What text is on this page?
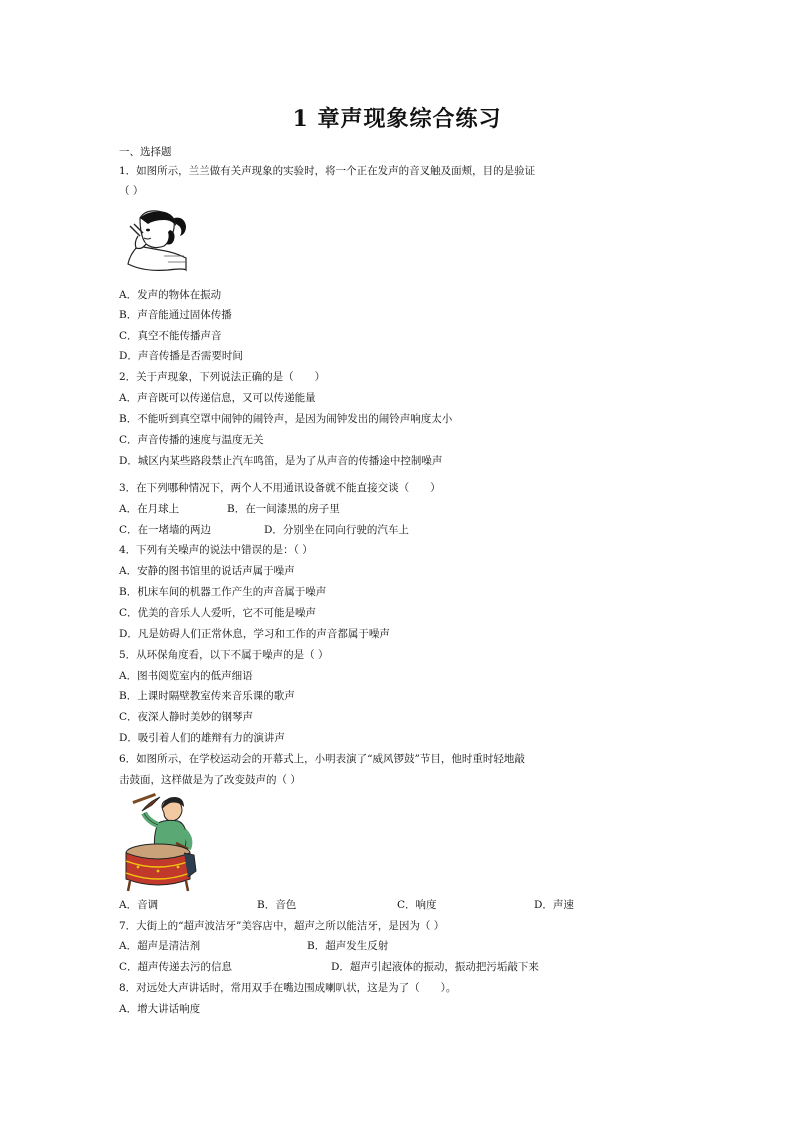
1 章声现象综合练习
一、选择题
1．如图所示，兰兰做有关声现象的实验时，将一个正在发声的音叉触及面颊，目的是验证
（ ）
A．发声的物体在振动
B．声音能通过固体传播
C．真空不能传播声音
D．声音传播是否需要时间
2．关于声现象，下列说法正确的是（　　）
A．声音既可以传递信息，又可以传递能量
B．不能听到真空罩中闹钟的闹铃声，是因为闹钟发出的闹铃声响度太小
C．声音传播的速度与温度无关
D．城区内某些路段禁止汽车鸣笛，是为了从声音的传播途中控制噪声
3．在下列哪种情况下，两个人不用通讯设备就不能直接交谈（　　）
A．在月球上	B．在一间漆黑的房子里
C．在一堵墙的两边	D．分别坐在同向行驶的汽车上
4．下列有关噪声的说法中错误的是：（ ）
A．安静的图书馆里的说话声属于噪声
B．机床车间的机器工作产生的声音属于噪声
C．优美的音乐人人爱听，它不可能是噪声
D．凡是妨碍人们正常休息，学习和工作的声音都属于噪声
5．从环保角度看，以下不属于噪声的是（ ）
A．图书阅览室内的低声细语
B．上课时隔壁教室传来音乐课的歌声
C．夜深人静时美妙的钢琴声
D．吸引着人们的雄辩有力的演讲声
6．如图所示，在学校运动会的开幕式上，小明表演了“威风锣鼓”节目，他时重时轻地敲
击鼓面，这样做是为了改变鼓声的（ ）
A．音调	B．音色	C．响度	D．声速
7．大街上的“超声波洁牙”美容店中，超声之所以能洁牙，是因为（ ）
A．超声是清洁剂	B．超声发生反射
C．超声传递去污的信息	D．超声引起液体的振动，振动把污垢敲下来
8．对远处大声讲话时，常用双手在嘴边围成喇叭状，这是为了（　　）。
A．增大讲话响度
